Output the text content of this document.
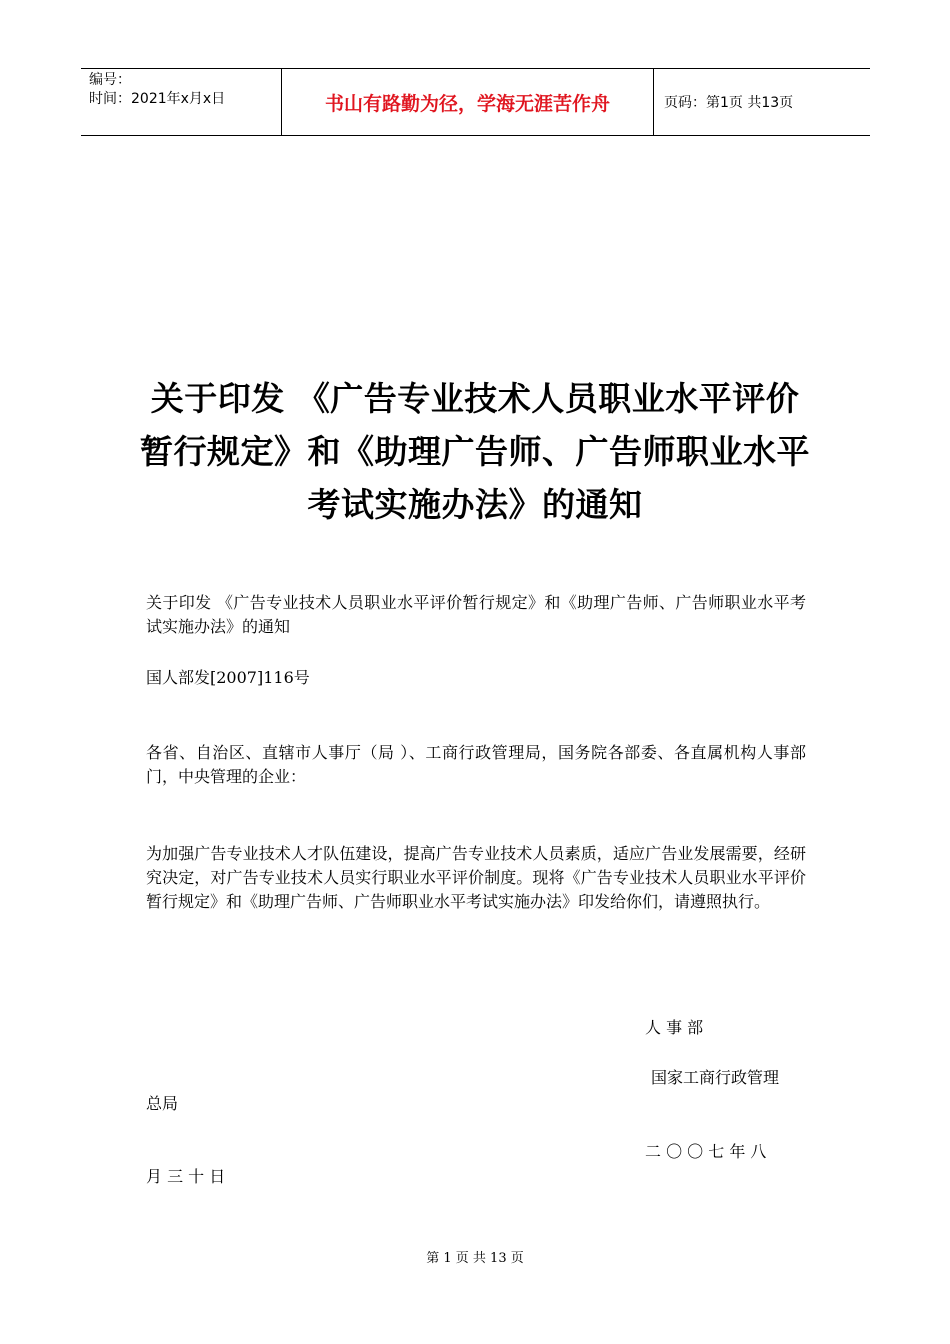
编号：
时间：2021年x月x日	书山有路勤为径，学海无涯苦作舟	页码：第1页 共13页
关于印发 《广告专业技术人员职业水平评价暂行规定》和《助理广告师、广告师职业水平考试实施办法》的通知
关于印发 《广告专业技术人员职业水平评价暂行规定》和《助理广告师、广告师职业水平考试实施办法》的通知
国人部发[2007]116号
各省、自治区、直辖市人事厅（局 ）、工商行政管理局，国务院各部委、各直属机构人事部门，中央管理的企业：
为加强广告专业技术人才队伍建设，提高广告专业技术人员素质，适应广告业发展需要，经研究决定，对广告专业技术人员实行职业水平评价制度。现将《广告专业技术人员职业水平评价暂行规定》和《助理广告师、广告师职业水平考试实施办法》印发给你们，请遵照执行。
人 事 部
国家工商行政管理
总局
二 〇 〇 七 年 八
月 三 十 日
第 1 页 共 13 页
